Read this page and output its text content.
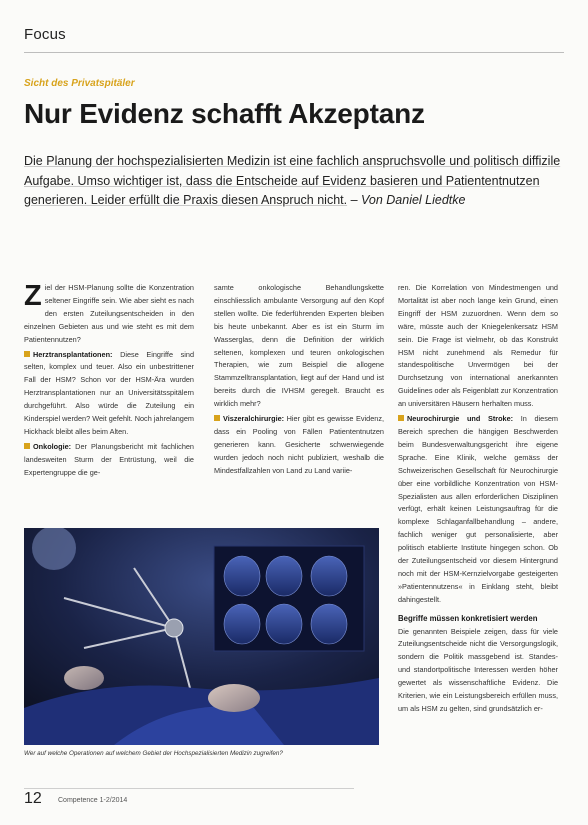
Focus
Sicht des Privatspitäler
Nur Evidenz schafft Akzeptanz
Die Planung der hochspezialisierten Medizin ist eine fachlich anspruchsvolle und politisch diffizile Aufgabe. Umso wichtiger ist, dass die Entscheide auf Evidenz basieren und Patiententnutzen generieren. Leider erfüllt die Praxis diesen Anspruch nicht. – Von Daniel Liedtke

Ziel der HSM-Planung sollte die Konzentration seltener Eingriffe sein. Wie aber sieht es nach den ersten Zuteilungsentscheiden in den einzelnen Gebieten aus und wie steht es mit dem Patientennutzen?

Herztransplantationen: Diese Eingriffe sind selten, komplex und teuer. Also ein unbestrittener Fall der HSM? Schon vor der HSM-Ära wurden Herztransplantationen nur an Universitätsspitälern durchgeführt. Also würde die Zuteilung ein Kinderspiel werden? Weit gefehlt. Noch jahrelangem Hickhack bleibt alles beim Alten.

Onkologie: Der Planungsbericht mit fachlichen landesweiten Sturm der Entrüstung, weil die Expertengruppe die ge-

samte onkologische Behandlungskette einschliesslich ambulante Versorgung auf den Kopf stellen wollte. Die federführenden Experten bleiben bis heute unbekannt. Aber es ist ein Sturm im Wasserglas, denn die Definition der wirklich seltenen, komplexen und teuren onkologischen Therapien, wie zum Beispiel die allogene Stammzelltransplantation, liegt auf der Hand und ist bereits durch die IVHSM geregelt. Braucht es wirklich mehr?

Viszeralchirurgie: Hier gibt es gewisse Evidenz, dass ein Pooling von Fällen Patiententnutzen generieren kann. Gesicherte schwerwiegende wurden jedoch noch nicht publiziert, weshalb die Mindestfallzahlen von Land zu Land variie-

ren. Die Korrelation von Mindestmengen und Mortalität ist aber noch lange kein Grund, einen Eingriff der HSM zuzuordnen. Wenn dem so wäre, müsste auch der Kniegelenkersatz HSM sein. Die Frage ist vielmehr, ob das Konstrukt HSM nicht zunehmend als Remedur für standespolitische Unvermögen bei der Durchsetzung von international anerkannten Guidelines oder als Feigenblatt zur Konzentration an universitären Häusern herhalten muss.

Neurochirurgie und Stroke: In diesem Bereich sprechen die hängigen Beschwerden beim Bundesverwaltungsgericht ihre eigene Sprache. Eine Klinik, welche gemäss der Schweizerischen Gesellschaft für Neurochirurgie über eine vorbildliche Konzentration von HSM-Spezialisten aus allen erforderlichen Disziplinen verfügt, erhält keinen Leistungsauftrag für die komplexe Schlaganfallbehandlung – andere, fachlich weniger gut personalisierte, aber politisch etablierte Institute hingegen schon. Ob der Zuteilungsentscheid vor diesem Hintergrund noch mit der HSM-Kernzielvorgabe gesteigerten »Patientennutzens« in Einklang steht, bleibt dahingestellt.

Begriffe müssen konkretisiert werden

Die genannten Beispiele zeigen, dass für viele Zuteilungsentscheide nicht die Versorgungslogik, sondern die Politik massgebend ist. Standes- und standortpolitische Interessen werden höher gewertet als wissenschaftliche Evidenz. Die Kriterien, wie ein Leistungsbereich erfüllen muss, um als HSM zu gelten, sind grundsätzlich er-

Wer auf welche Operationen auf welchem Gebiet der Hochspezialisierten Medizin zugreifen?
12 Competence 1-2/2014
